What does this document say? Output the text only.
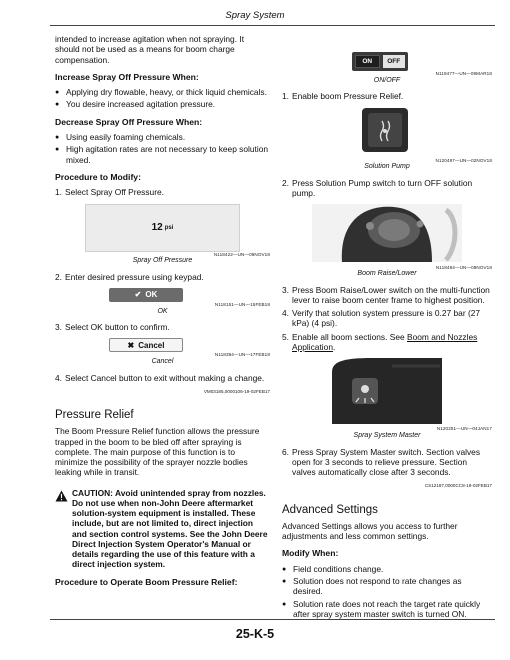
Spray System

intended to increase agitation when not spraying. It should not be used as a means for boom charge compensation.

Increase Spray Off Pressure When:
● Applying dry flowable, heavy, or thick liquid chemicals.
● You desire increased agitation pressure.
Decrease Spray Off Pressure When:
● Using easily foaming chemicals.
● High agitation rates are not necessary to keep solution mixed.
Procedure to Modify:
1. Select Spray Off Pressure.
12 psi
N118422—UN—09NOV18
Spray Off Pressure
2. Enter desired pressure using keypad.
✔ OK
N118151—UN—15FEB18
OK
3. Select OK button to confirm.
✖ Cancel
N118394—UN—17FEB18
Cancel
4. Select Cancel button to exit without making a change.
VM03185,0000106-19-02FEB17
Pressure Relief

The Boom Pressure Relief function allows the pressure trapped in the boom to be bled off after spraying is complete. The main purpose of this function is to minimize the possibility of the sprayer nozzle bodies leaking while in transit.

CAUTION: Avoid unintended spray from nozzles. Do not use when non-John Deere aftermarket solution-system equipment is installed. These include, but are not limited to, direct injection and section control systems. See the John Deere Direct Injection System Operator's Manual or details regarding the use of this feature with a direct injection system.
Procedure to Operate Boom Pressure Relief:
ON	OFF
N119477—UN—09MAR18
ON/OFF
1. Enable boom Pressure Relief.
N120497—UN—02NOV18
Solution Pump
2. Press Solution Pump switch to turn OFF solution pump.
N118484—UN—09NOV18
Boom Raise/Lower
3. Press Boom Raise/Lower switch on the multi-function lever to raise boom center frame to highest position.
4. Verify that solution system pressure is 0.27 bar (27 kPa) (4 psi).
5. Enable all boom sections. See Boom and Nozzles Application.
N120251—UN—04JAN17
Spray System Master
6. Press Spray System Master switch. Section valves open for 3 seconds to relieve pressure. Section valves automatically close after 3 seconds.
CS12187,0000CC8-19-02FEB17
Advanced Settings

Advanced Settings allows you access to further adjustments and less common settings.

Modify When:
● Field conditions change.
● Solution does not respond to rate changes as desired.
● Solution rate does not reach the target rate quickly after spray system master switch is turned ON.
25-K-5
